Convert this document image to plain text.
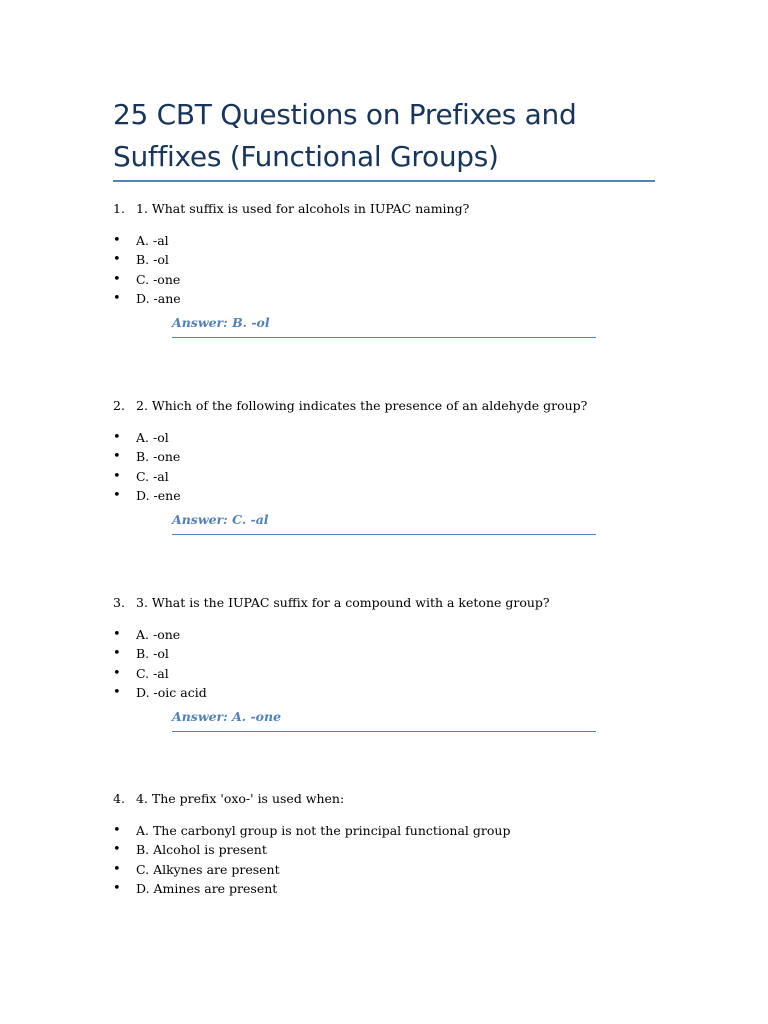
25 CBT Questions on Prefixes and
Suffixes (Functional Groups)
1. 1. What suffix is used for alcohols in IUPAC naming?
• A. -al
• B. -ol
• C. -one
• D. -ane
Answer: B. -ol
2. 2. Which of the following indicates the presence of an aldehyde group?
• A. -ol
• B. -one
• C. -al
• D. -ene
Answer: C. -al
3. 3. What is the IUPAC suffix for a compound with a ketone group?
• A. -one
• B. -ol
• C. -al
• D. -oic acid
Answer: A. -one
4. 4. The prefix 'oxo-' is used when:
• A. The carbonyl group is not the principal functional group
• B. Alcohol is present
• C. Alkynes are present
• D. Amines are present
